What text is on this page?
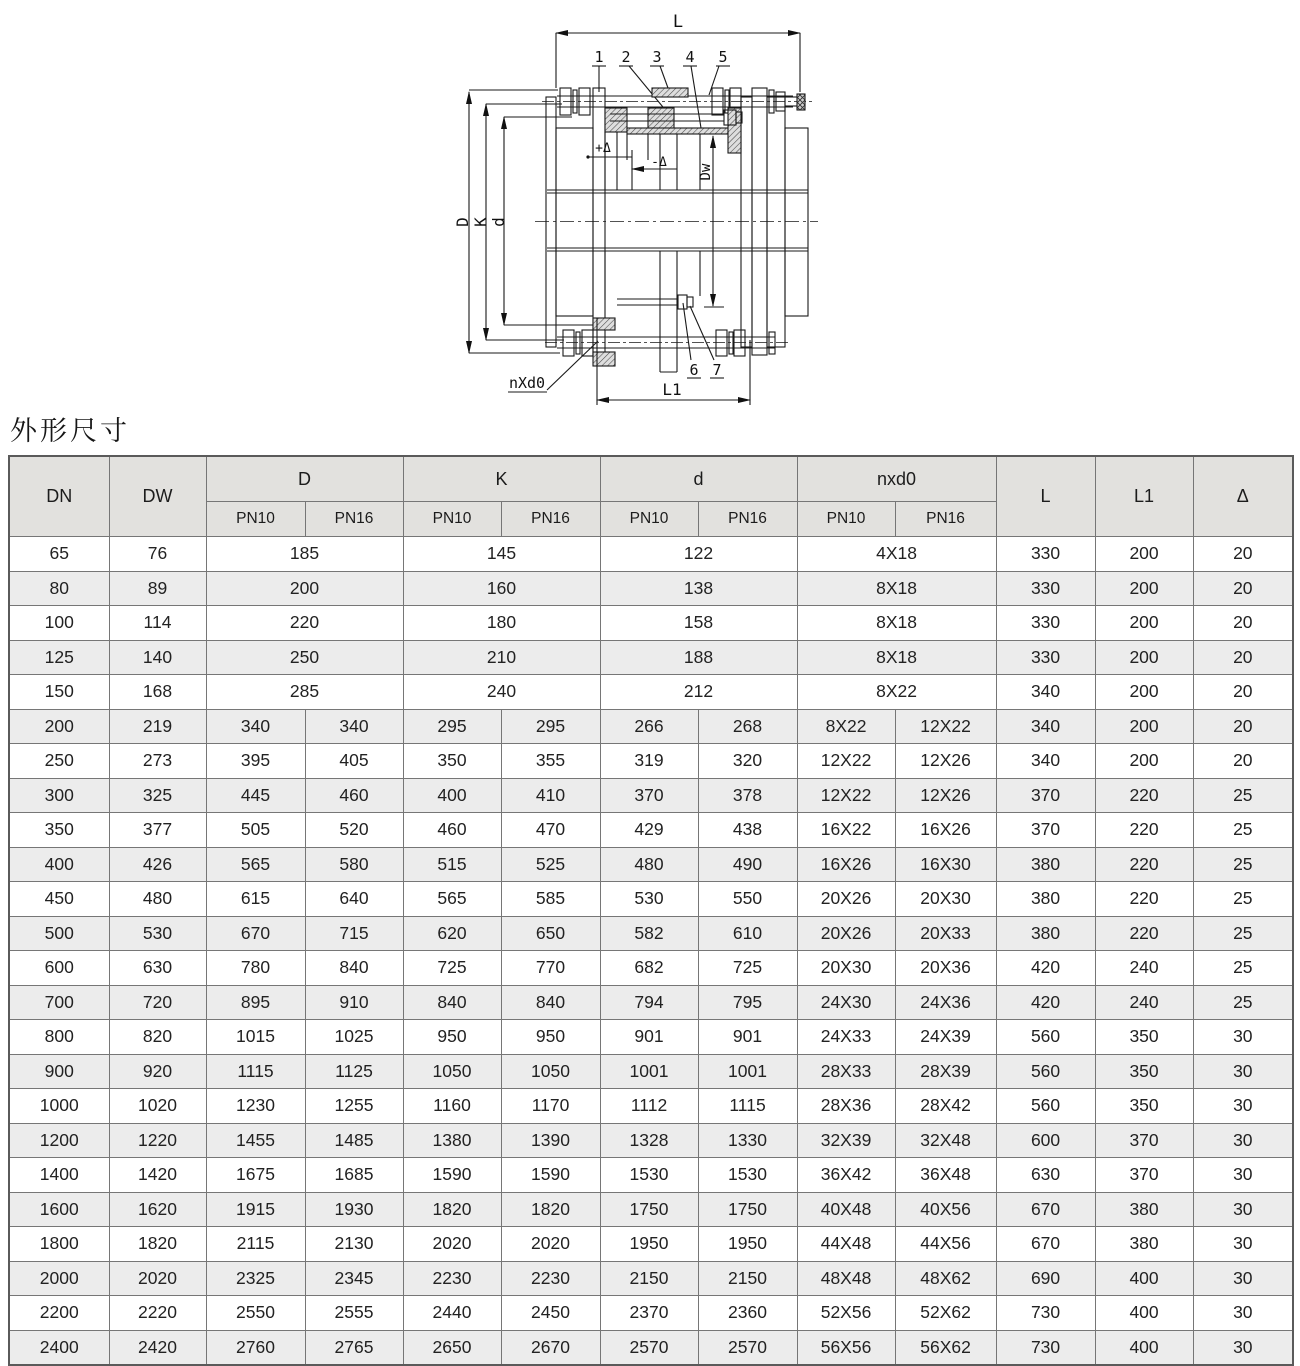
L
1 2 3 4 5
6 7
D K d
Dw
+Δ
-Δ
nXd0	L1
外形尺寸
DN	DW	D		K		d		nxd0		L	L1	Δ
		PN10	PN16	PN10	PN16	PN10	PN16	PN10	PN16			
65	76	185		145		122		4X18		330	200	20
80	89	200		160		138		8X18		330	200	20
100	114	220		180		158		8X18		330	200	20
125	140	250		210		188		8X18		330	200	20
150	168	285		240		212		8X22		340	200	20
200	219	340	340	295	295	266	268	8X22	12X22	340	200	20
250	273	395	405	350	355	319	320	12X22	12X26	340	200	20
300	325	445	460	400	410	370	378	12X22	12X26	370	220	25
350	377	505	520	460	470	429	438	16X22	16X26	370	220	25
400	426	565	580	515	525	480	490	16X26	16X30	380	220	25
450	480	615	640	565	585	530	550	20X26	20X30	380	220	25
500	530	670	715	620	650	582	610	20X26	20X33	380	220	25
600	630	780	840	725	770	682	725	20X30	20X36	420	240	25
700	720	895	910	840	840	794	795	24X30	24X36	420	240	25
800	820	1015	1025	950	950	901	901	24X33	24X39	560	350	30
900	920	1115	1125	1050	1050	1001	1001	28X33	28X39	560	350	30
1000	1020	1230	1255	1160	1170	1112	1115	28X36	28X42	560	350	30
1200	1220	1455	1485	1380	1390	1328	1330	32X39	32X48	600	370	30
1400	1420	1675	1685	1590	1590	1530	1530	36X42	36X48	630	370	30
1600	1620	1915	1930	1820	1820	1750	1750	40X48	40X56	670	380	30
1800	1820	2115	2130	2020	2020	1950	1950	44X48	44X56	670	380	30
2000	2020	2325	2345	2230	2230	2150	2150	48X48	48X62	690	400	30
2200	2220	2550	2555	2440	2450	2370	2360	52X56	52X62	730	400	30
2400	2420	2760	2765	2650	2670	2570	2570	56X56	56X62	730	400	30
